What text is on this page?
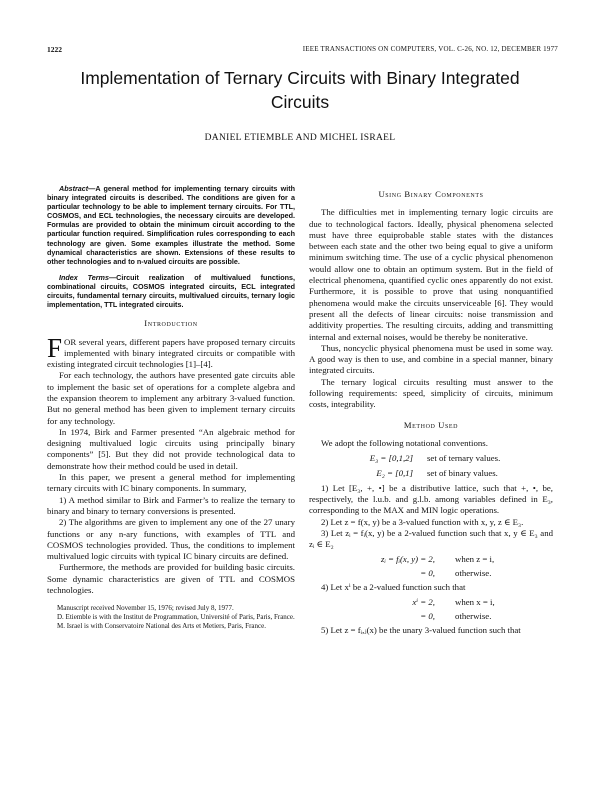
1222	IEEE TRANSACTIONS ON COMPUTERS, VOL. C-26, NO. 12, DECEMBER 1977
Implementation of Ternary Circuits with Binary Integrated Circuits
DANIEL ETIEMBLE AND MICHEL ISRAEL
Abstract—A general method for implementing ternary circuits with binary integrated circuits is described. The conditions are given for a particular technology to be able to implement ternary circuits. For TTL, COSMOS, and ECL technologies, the necessary circuits are developed. Formulas are provided to obtain the minimum circuit according to the particular function required. Simplification rules corresponding to each technology are given. Some examples illustrate the method. Some dynamical characteristics are shown. Extensions of these results to other technologies and to n-valued circuits are possible.
Index Terms—Circuit realization of multivalued functions, combinational circuits, COSMOS integrated circuits, ECL integrated circuits, fundamental ternary circuits, multivalued circuits, ternary logic implementation, TTL integrated circuits.
Introduction

FOR several years, different papers have proposed ternary circuits implemented with binary integrated circuits or compatible with existing integrated circuit technologies [1]–[4].

For each technology, the authors have presented gate circuits able to implement the basic set of operations for a complete algebra and the expansion theorem to implement any arbitrary 3-valued function. But no general method has been given to implement ternary circuits for any technology.

In 1974, Birk and Farmer presented “An algebraic method for designing multivalued logic circuits using principally binary components” [5]. But they did not provide technological data to demonstrate how their method could be used in detail.

In this paper, we present a general method for implementing ternary circuits with IC binary components. In summary,

1) A method similar to Birk and Farmer’s to realize the ternary to binary and binary to ternary conversions is presented.

2) The algorithms are given to implement any one of the 27 unary functions or any n-ary functions, with examples of TTL and COSMOS technologies provided. Thus, the conditions to implement multivalued logic circuits with typical IC binary circuits are defined.

Furthermore, the methods are provided for building basic circuits. Some dynamic characteristics are given of TTL and COSMOS technologies.

Manuscript received November 15, 1976; revised July 8, 1977.
D. Etiemble is with the Institut de Programmation, Université of Paris, Paris, France.
M. Israel is with Conservatoire National des Arts et Metiers, Paris, France.
Using Binary Components

The difficulties met in implementing ternary logic circuits are due to technological factors. Ideally, physical phenomena selected must have three equiprobable stable states with the distances between each state and the other two being equal to give a uniform minimum switching time. The use of a cyclic physical phenomenon would allow one to obtain an optimum system. But in the field of electrical phenomena, quantified cyclic ones apparently do not exist. Furthermore, it is possible to prove that using nonquantified phenomena would make the circuits unserviceable [6]. They would present all the defects of linear circuits: noise transmission and additivity properties. The resulting circuits, adding and transmitting internal and external noises, would be thereby be noniterative.

Thus, noncyclic physical phenomena must be used in some way. A good way is then to use, and combine in a special manner, binary integrated circuits.

The ternary logical circuits resulting must answer to the following requirements: speed, simplicity of circuits, minimum costs, integrability.

Method Used

We adopt the following notational conventions.

E₃ = [0,1,2]	set of ternary values.
E₂ = [0,1]	set of binary values.

1) Let [E₃, +, •] be a distributive lattice, such that +, •, be, respectively, the l.u.b. and g.l.b. among variables defined in E₃, corresponding to the MAX and MIN logic operations.

2) Let z = f(x, y) be a 3-valued function with x, y, z ∈ E₃.

3) Let zᵢ = fᵢ(x, y) be a 2-valued function such that x, y ∈ E₃ and zᵢ ∈ E₂

zᵢ = fᵢ(x, y) = 2,	when z = i,
= 0,	otherwise.

4) Let xⁱ be a 2-valued function such that

xⁱ = 2,	when x = i,
= 0,	otherwise.

5) Let z = fᵢ,ⱼ(x) be the unary 3-valued function such that
